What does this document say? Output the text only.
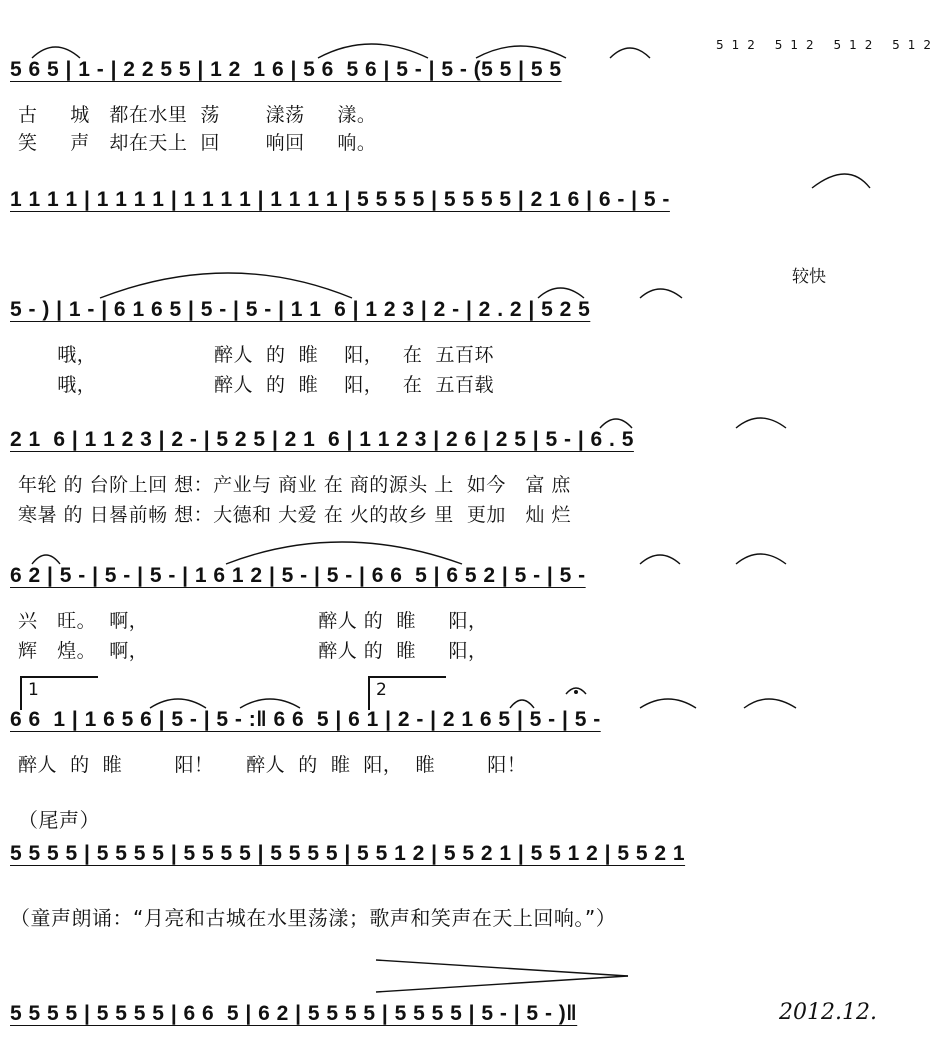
5 6 5 | 1 - | 2 2 5 5 | 1 2  1 6 | 5 6  5 6 | 5 - | 5 - (5 5 | 5 5
512 512 512 512
古     城   都在水里  荡       漾荡     漾。
笑     声   却在天上  回       响回     响。
1 1 1 1 | 1 1 1 1 | 1 1 1 1 | 1 1 1 1 | 5 5 5 5 | 5 5 5 5 | 2 1 6 | 6 - | 5 -
较快
5 - ) | 1 - | 6 1 6 5 | 5 - | 5 - | 1 1  6 | 1 2 3 | 2 - | 2 . 2 | 5 2 5
哦，                  醉人  的  睢    阳，   在  五百环
哦，                  醉人  的  睢    阳，   在  五百载
2 1  6 | 1 1 2 3 | 2 - | 5 2 5 | 2 1  6 | 1 1 2 3 | 2 6 | 2 5 | 5 - | 6 . 5
年轮 的 台阶上回 想：产业与 商业 在 商的源头 上  如今   富 庶
寒暑 的 日晷前畅 想：大德和 大爱 在 火的故乡 里  更加   灿 烂
6 2 | 5 - | 5 - | 5 - | 1 6 1 2 | 5 - | 5 - | 6 6  5 | 6 5 2 | 5 - | 5 -
兴   旺。  啊，                          醉人 的  睢     阳，
辉   煌。  啊，                          醉人 的  睢     阳，
1	2
6 6  1 | 1 6 5 6 | 5 - | 5 - :‖ 6 6  5 | 6 1 | 2 - | 2 1 6 5 | 5 - | 5 -
醉人  的  睢        阳！     醉人  的  睢  阳，  睢        阳！
（尾声）
5 5 5 5 | 5 5 5 5 | 5 5 5 5 | 5 5 5 5 | 5 5 1 2 | 5 5 2 1 | 5 5 1 2 | 5 5 2 1
（童声朗诵：“月亮和古城在水里荡漾；歌声和笑声在天上回响。”）
5 5 5 5 | 5 5 5 5 | 6 6  5 | 6 2 | 5 5 5 5 | 5 5 5 5 | 5 - | 5 - )‖	2012.12.
